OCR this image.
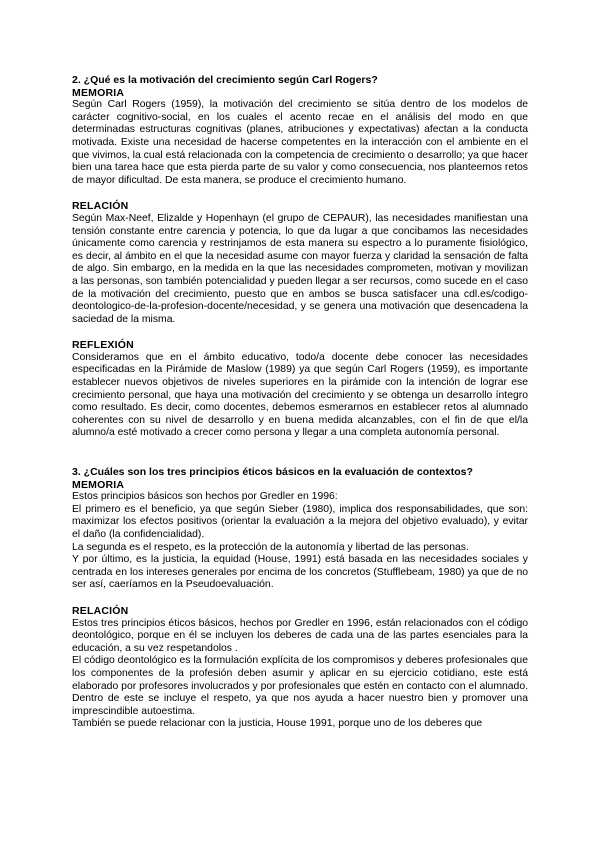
2. ¿Qué es la motivación del crecimiento según Carl Rogers?
MEMORIA

Según Carl Rogers (1959), la motivación del crecimiento se sitúa dentro de los modelos de carácter cognitivo-social, en los cuales el acento recae en el análisis del modo en que determinadas estructuras cognitivas (planes, atribuciones y expectativas) afectan a la conducta motivada. Existe una necesidad de hacerse competentes en la interacción con el ambiente en el que vivimos, la cual está relacionada con la competencia de crecimiento o desarrollo; ya que hacer bien una tarea hace que esta pierda parte de su valor y como consecuencia, nos planteemos retos de mayor dificultad. De esta manera, se produce el crecimiento humano.

RELACIÓN

Según Max-Neef, Elizalde y Hopenhayn (el grupo de CEPAUR), las necesidades manifiestan una tensión constante entre carencia y potencia, lo que da lugar a que concibamos las necesidades únicamente como carencia y restrinjamos de esta manera su espectro a lo puramente fisiológico, es decir, al ámbito en el que la necesidad asume con mayor fuerza y claridad la sensación de falta de algo. Sin embargo, en la medida en la que las necesidades comprometen, motivan y movilizan a las personas, son también potencialidad y pueden llegar a ser recursos, como sucede en el caso de la motivación del crecimiento, puesto que en ambos se busca satisfacer una cdl.es/codigo-deontologico-de-la-profesion-docente/necesidad, y se genera una motivación que desencadena la saciedad de la misma.

REFLEXIÓN

Consideramos que en el ámbito educativo, todo/a docente debe conocer las necesidades especificadas en la Pirámide de Maslow (1989) ya que según Carl Rogers (1959), es importante establecer nuevos objetivos de niveles superiores en la pirámide con la intención de lograr ese crecimiento personal, que haya una motivación del crecimiento y se obtenga un desarrollo íntegro como resultado. Es decir, como docentes, debemos esmerarnos en establecer retos al alumnado coherentes con su nivel de desarrollo y en buena medida alcanzables, con el fin de que el/la alumno/a esté motivado a crecer como persona y llegar a una completa autonomía personal.

3. ¿Cuáles son los tres principios éticos básicos en la evaluación de contextos?
MEMORIA

Estos principios básicos son hechos por Gredler en 1996:

El primero es el beneficio, ya que según Sieber (1980), implica dos responsabilidades, que son: maximizar los efectos positivos (orientar la evaluación a la mejora del objetivo evaluado), y evitar el daño (la confidencialidad).

La segunda es el respeto, es la protección de la autonomía y libertad de las personas.

Y por último, es la justicia, la equidad (House, 1991) está basada en las necesidades sociales y centrada en los intereses generales por encima de los concretos (Stufflebeam, 1980) ya que de no ser así, caeríamos en la Pseudoevaluación.

RELACIÓN

Estos tres principios éticos básicos, hechos por Gredler en 1996, están relacionados con el código deontológico, porque en él se incluyen los deberes de cada una de las partes esenciales para la educación, a su vez respetandolos .

El código deontológico es la formulación explícita de los compromisos y deberes profesionales que los componentes de la profesión deben asumir y aplicar en su ejercicio cotidiano, este está elaborado por profesores involucrados y por profesionales que estén en contacto con el alumnado. Dentro de este se incluye el respeto, ya que nos ayuda a hacer nuestro bien y promover una imprescindible autoestima.

También se puede relacionar con la justicia, House 1991, porque uno de los deberes que
